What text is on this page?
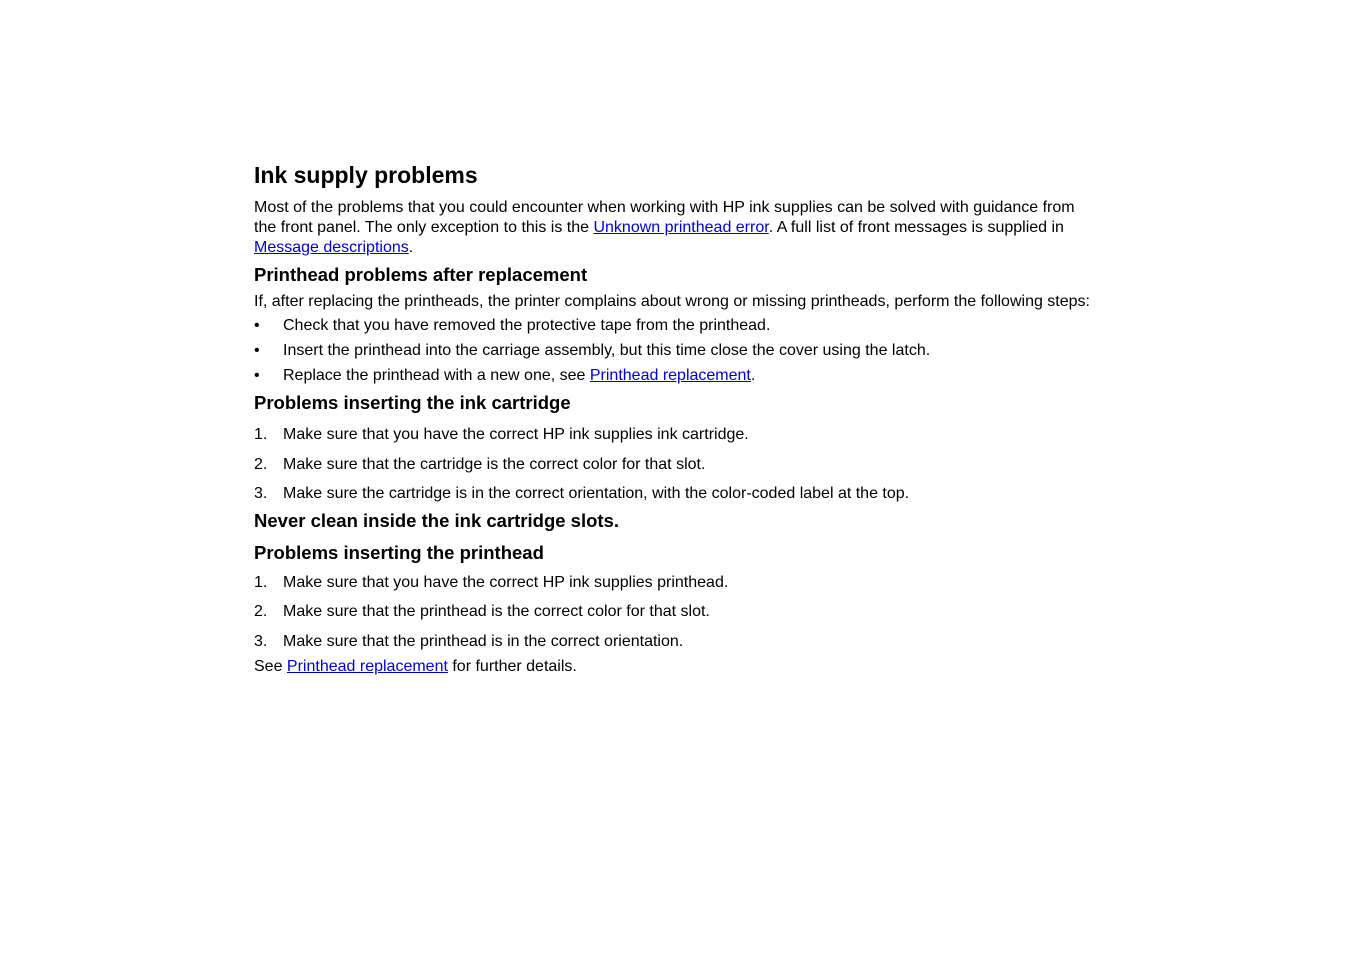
Ink supply problems

Most of the problems that you could encounter when working with HP ink supplies can be solved with guidance from the front panel. The only exception to this is the Unknown printhead error. A full list of front messages is supplied in Message descriptions.

Printhead problems after replacement

If, after replacing the printheads, the printer complains about wrong or missing printheads, perform the following steps:

• Check that you have removed the protective tape from the printhead.
• Insert the printhead into the carriage assembly, but this time close the cover using the latch.
• Replace the printhead with a new one, see Printhead replacement.
Problems inserting the ink cartridge
1. Make sure that you have the correct HP ink supplies ink cartridge.
2. Make sure that the cartridge is the correct color for that slot.
3. Make sure the cartridge is in the correct orientation, with the color-coded label at the top.
Never clean inside the ink cartridge slots.
Problems inserting the printhead
1. Make sure that you have the correct HP ink supplies printhead.
2. Make sure that the printhead is the correct color for that slot.
3. Make sure that the printhead is in the correct orientation.

See Printhead replacement for further details.
